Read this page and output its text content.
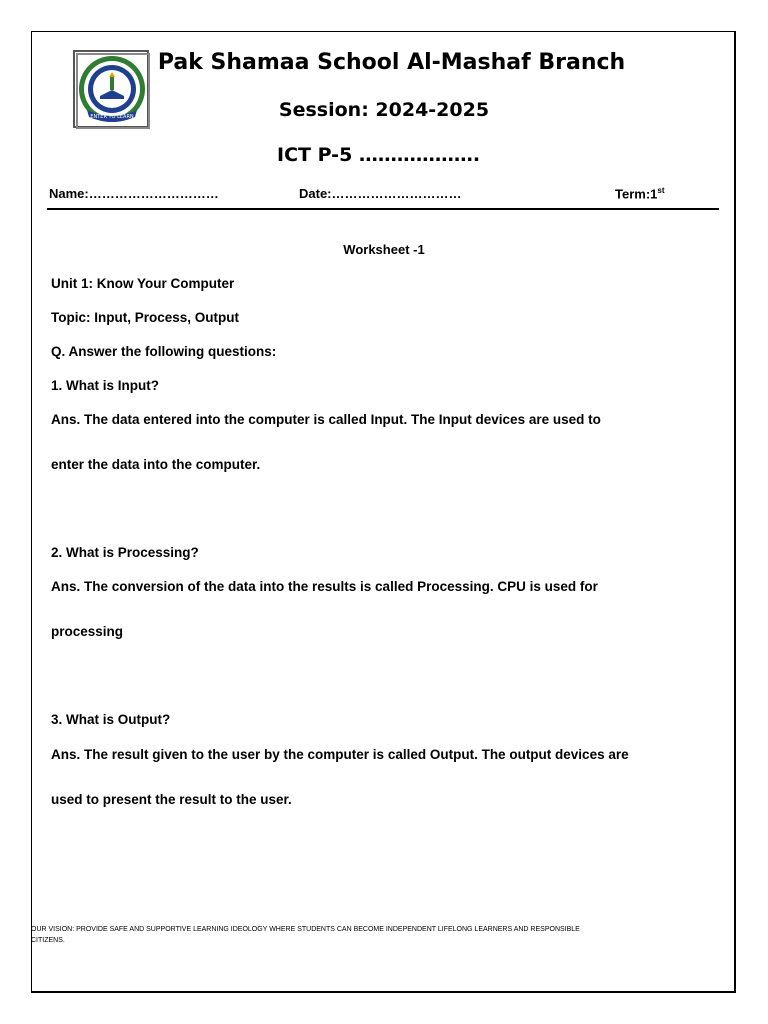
ENTER TO LEARN
Pak Shamaa School Al-Mashaf Branch
Session: 2024-2025
ICT P-5 ……………….
Name:…………………………	Date:…………………………	Term:1st
Worksheet -1
Unit 1: Know Your Computer
Topic: Input, Process, Output
Q. Answer the following questions:
1. What is Input?
Ans. The data entered into the computer is called Input. The Input devices are used to
enter the data into the computer.
2. What is Processing?
Ans. The conversion of the data into the results is called Processing. CPU is used for
processing
3. What is Output?
Ans. The result given to the user by the computer is called Output. The output devices are
used to present the result to the user.
OUR VISION: PROVIDE SAFE AND SUPPORTIVE LEARNING IDEOLOGY WHERE STUDENTS CAN BECOME INDEPENDENT LIFELONG LEARNERS AND RESPONSIBLE
CITIZENS.
